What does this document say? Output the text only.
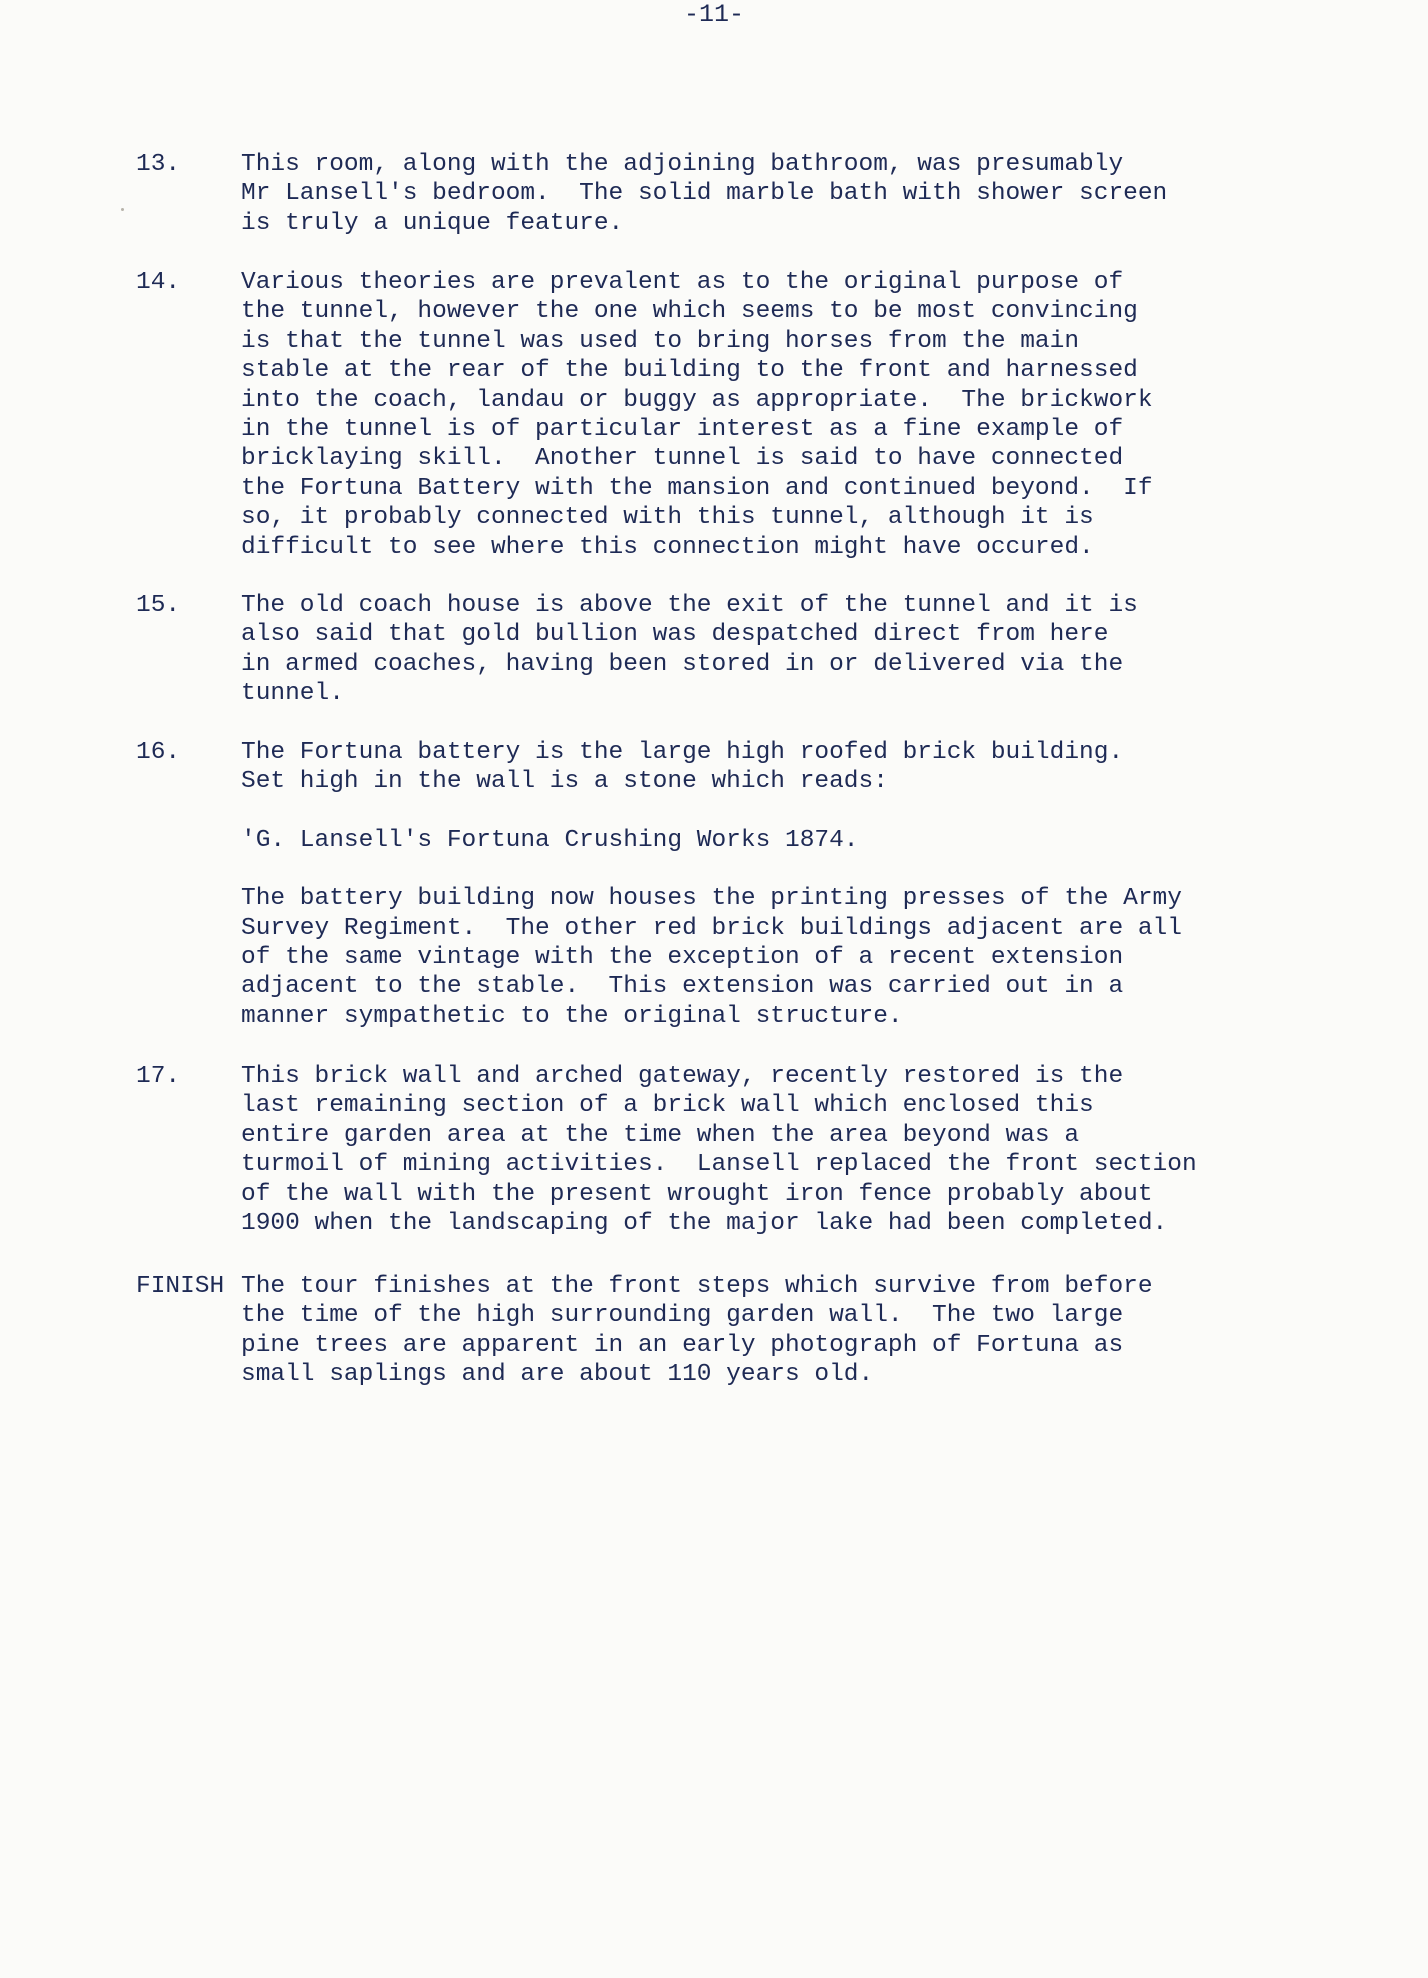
-11-
13. This room, along with the adjoining bathroom, was presumably
Mr Lansell's bedroom.  The solid marble bath with shower screen
is truly a unique feature.
14. Various theories are prevalent as to the original purpose of
the tunnel, however the one which seems to be most convincing
is that the tunnel was used to bring horses from the main
stable at the rear of the building to the front and harnessed
into the coach, landau or buggy as appropriate.  The brickwork
in the tunnel is of particular interest as a fine example of
bricklaying skill.  Another tunnel is said to have connected
the Fortuna Battery with the mansion and continued beyond.  If
so, it probably connected with this tunnel, although it is
difficult to see where this connection might have occured.
15. The old coach house is above the exit of the tunnel and it is
also said that gold bullion was despatched direct from here
in armed coaches, having been stored in or delivered via the
tunnel.
16. The Fortuna battery is the large high roofed brick building.
Set high in the wall is a stone which reads:
'G. Lansell's Fortuna Crushing Works 1874.
The battery building now houses the printing presses of the Army
Survey Regiment.  The other red brick buildings adjacent are all
of the same vintage with the exception of a recent extension
adjacent to the stable.  This extension was carried out in a
manner sympathetic to the original structure.
17. This brick wall and arched gateway, recently restored is the
last remaining section of a brick wall which enclosed this
entire garden area at the time when the area beyond was a
turmoil of mining activities.  Lansell replaced the front section
of the wall with the present wrought iron fence probably about
1900 when the landscaping of the major lake had been completed.
FINISH The tour finishes at the front steps which survive from before
the time of the high surrounding garden wall.  The two large
pine trees are apparent in an early photograph of Fortuna as
small saplings and are about 110 years old.
